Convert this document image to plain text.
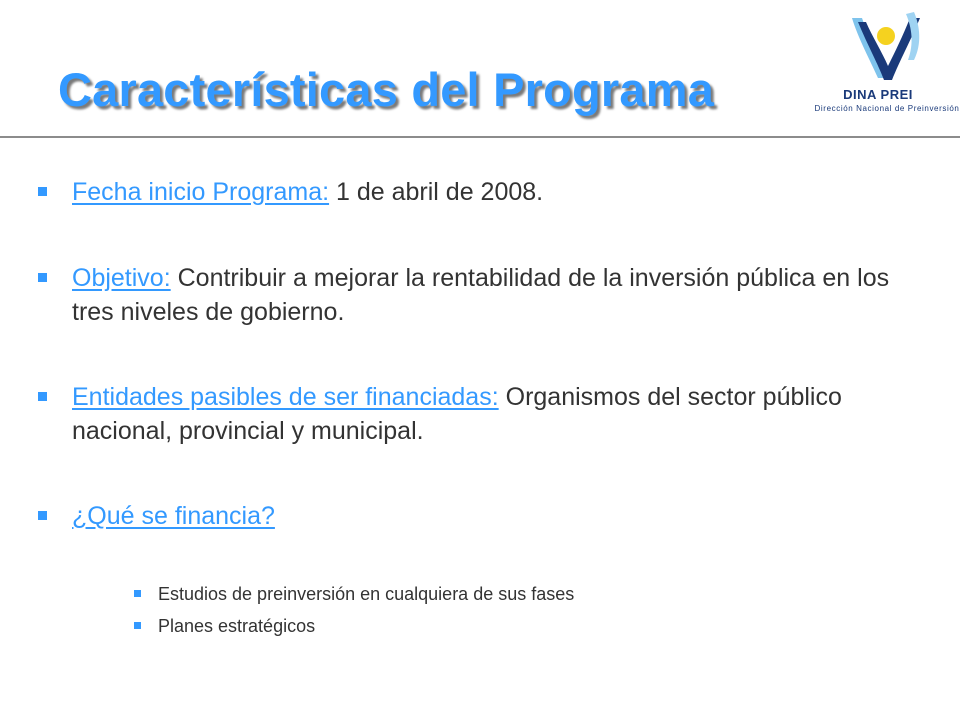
Características del Programa	DINA PREI
Dirección Nacional de Preinversión
Fecha inicio Programa: 1 de abril de 2008.
Objetivo: Contribuir a mejorar la rentabilidad de la inversión pública en los tres niveles de gobierno.
Entidades pasibles de ser financiadas: Organismos del sector público nacional, provincial y municipal.
¿Qué se financia?
Estudios de preinversión en cualquiera de sus fases
Planes estratégicos
